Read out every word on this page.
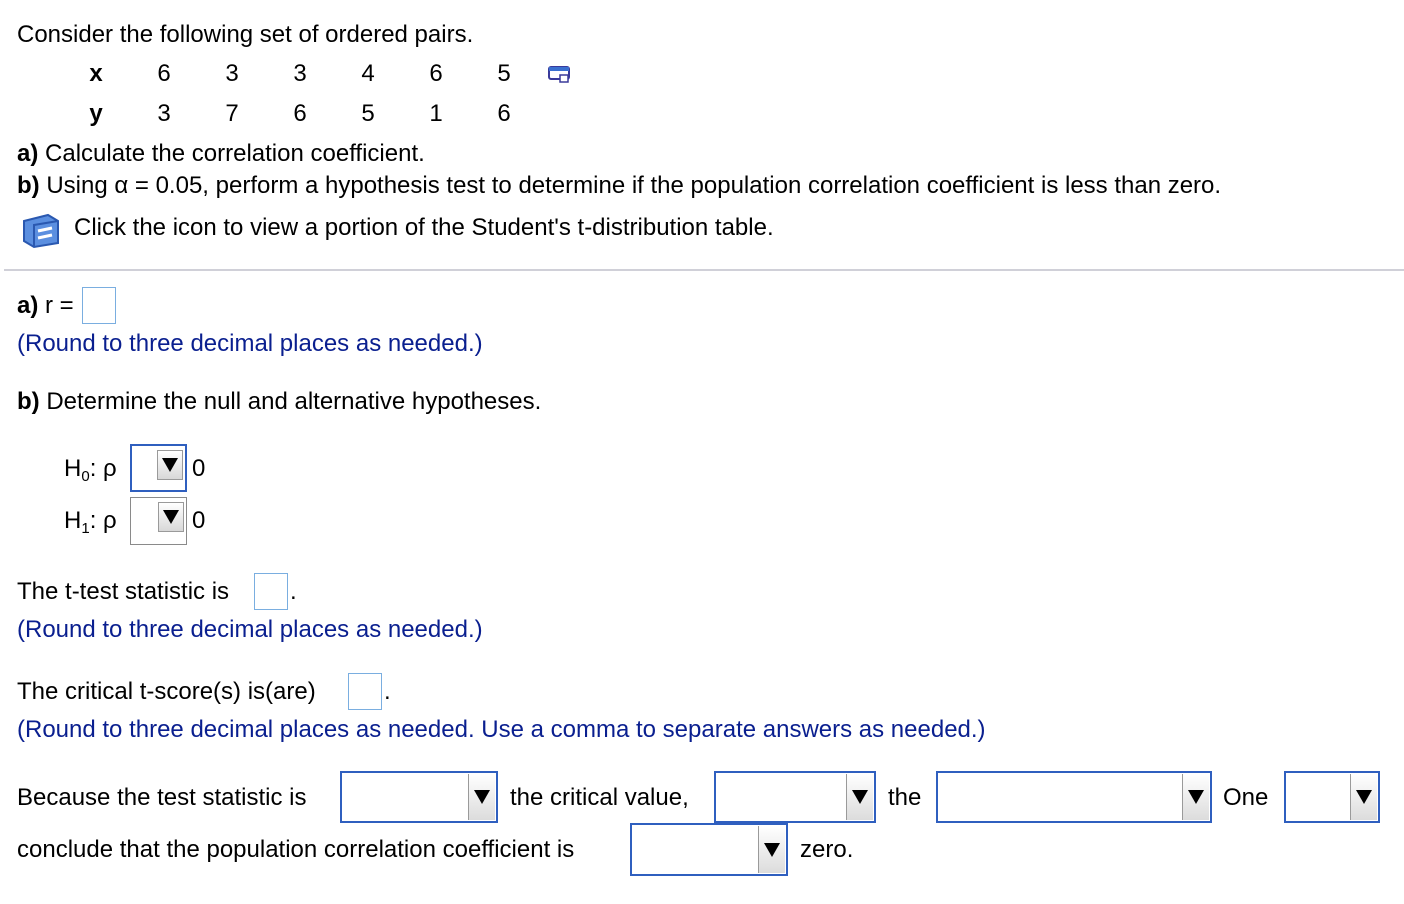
Consider the following set of ordered pairs.
x	6	3	3	4	6	5
y	3	7	6	5	1	6
a) Calculate the correlation coefficient.
b) Using α = 0.05, perform a hypothesis test to determine if the population correlation coefficient is less than zero.
Click the icon to view a portion of the Student's t-distribution table.
a) r =
(Round to three decimal places as needed.)
b) Determine the null and alternative hypotheses.
$H_0$: ρ	0
$H_1$: ρ	0
The t-test statistic is	.
(Round to three decimal places as needed.)
The critical t-score(s) is(are)	.
(Round to three decimal places as needed. Use a comma to separate answers as needed.)
Because the test statistic is	the critical value,	the	One
conclude that the population correlation coefficient is	zero.
